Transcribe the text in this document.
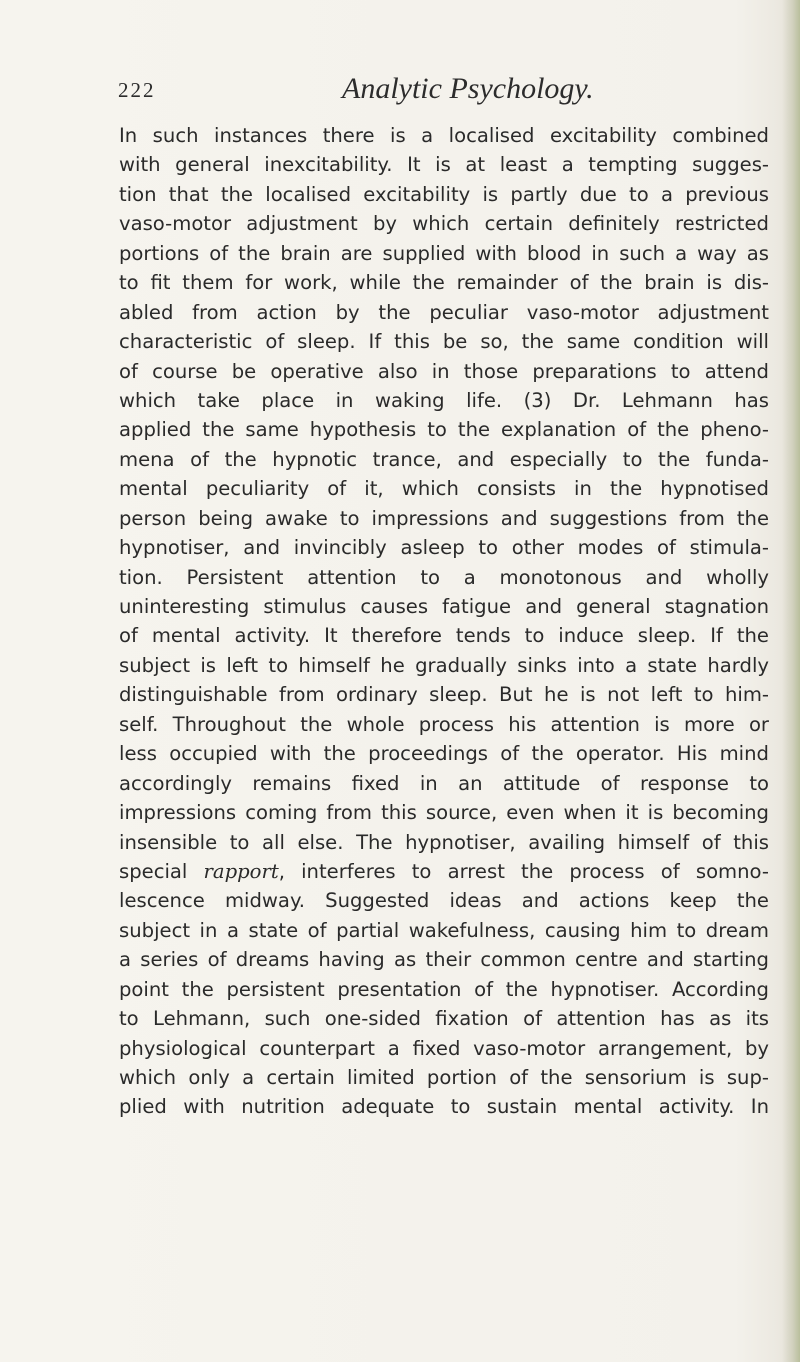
222	Analytic Psychology.
In such instances there is a localised excitability combined
with general inexcitability. It is at least a tempting sugges-
tion that the localised excitability is partly due to a previous
vaso-motor adjustment by which certain definitely restricted
portions of the brain are supplied with blood in such a way as
to fit them for work, while the remainder of the brain is dis-
abled from action by the peculiar vaso-motor adjustment
characteristic of sleep. If this be so, the same condition will
of course be operative also in those preparations to attend
which take place in waking life. (3) Dr. Lehmann has
applied the same hypothesis to the explanation of the pheno-
mena of the hypnotic trance, and especially to the funda-
mental peculiarity of it, which consists in the hypnotised
person being awake to impressions and suggestions from the
hypnotiser, and invincibly asleep to other modes of stimula-
tion. Persistent attention to a monotonous and wholly
uninteresting stimulus causes fatigue and general stagnation
of mental activity. It therefore tends to induce sleep. If the
subject is left to himself he gradually sinks into a state hardly
distinguishable from ordinary sleep. But he is not left to him-
self. Throughout the whole process his attention is more or
less occupied with the proceedings of the operator. His mind
accordingly remains fixed in an attitude of response to
impressions coming from this source, even when it is becoming
insensible to all else. The hypnotiser, availing himself of this
special rapport, interferes to arrest the process of somno-
lescence midway. Suggested ideas and actions keep the
subject in a state of partial wakefulness, causing him to dream
a series of dreams having as their common centre and starting
point the persistent presentation of the hypnotiser. According
to Lehmann, such one-sided fixation of attention has as its
physiological counterpart a fixed vaso-motor arrangement, by
which only a certain limited portion of the sensorium is sup-
plied with nutrition adequate to sustain mental activity. In
